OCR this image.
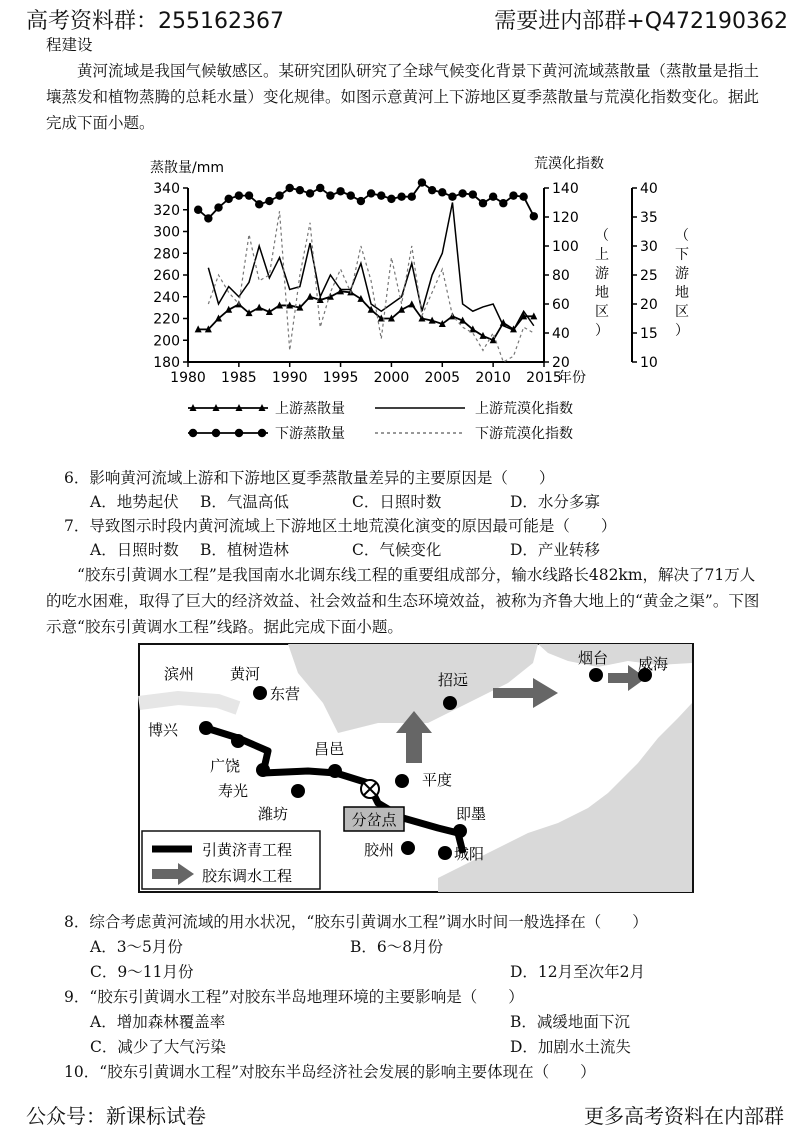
高考资料群：255162367	需要进内部群+Q472190362
程建设
黄河流域是我国气候敏感区。某研究团队研究了全球气候变化背景下黄河流域蒸散量（蒸散量是指土壤蒸发和植物蒸腾的总耗水量）变化规律。如图示意黄河上下游地区夏季蒸散量与荒漠化指数变化。据此完成下面小题。
180
200
220
240
260
280
300
320
340
蒸散量/mm
20
40
60
80
100
120
140
10
15
20
25
30
35
40
荒漠化指数
（
上
游
地
区
）
（
下
游
地
区
）
1980 1985 1990 1995 2000 2005 2010 2015
年份
上游蒸散量	上游荒漠化指数
下游蒸散量	下游荒漠化指数
6．影响黄河流域上游和下游地区夏季蒸散量差异的主要原因是（　　）
A．地势起伏 B．气温高低	C．日照时数	D．水分多寡
7．导致图示时段内黄河流域上下游地区土地荒漠化演变的原因最可能是（　　）
A．日照时数 B．植树造林	C．气候变化	D．产业转移
“胶东引黄调水工程”是我国南水北调东线工程的重要组成部分，输水线路长482km，解决了71万人的吃水困难，取得了巨大的经济效益、社会效益和生态环境效益，被称为齐鲁大地上的“黄金之渠”。下图示意“胶东引黄调水工程”线路。据此完成下面小题。
分岔点
滨州 黄河
东营
博兴
广饶
寿光
潍坊
昌邑
平度
招远
烟台 威海
即墨
胶州	城阳
引黄济青工程
胶东调水工程
8．综合考虑黄河流域的用水状况，“胶东引黄调水工程”调水时间一般选择在（　　）
A．3～5月份	B．6～8月份
C．9～11月份	D．12月至次年2月
9．“胶东引黄调水工程”对胶东半岛地理环境的主要影响是（　　）
A．增加森林覆盖率	B．减缓地面下沉
C．减少了大气污染	D．加剧水土流失
10．“胶东引黄调水工程”对胶东半岛经济社会发展的影响主要体现在（　　）
公众号：新课标试卷	更多高考资料在内部群
